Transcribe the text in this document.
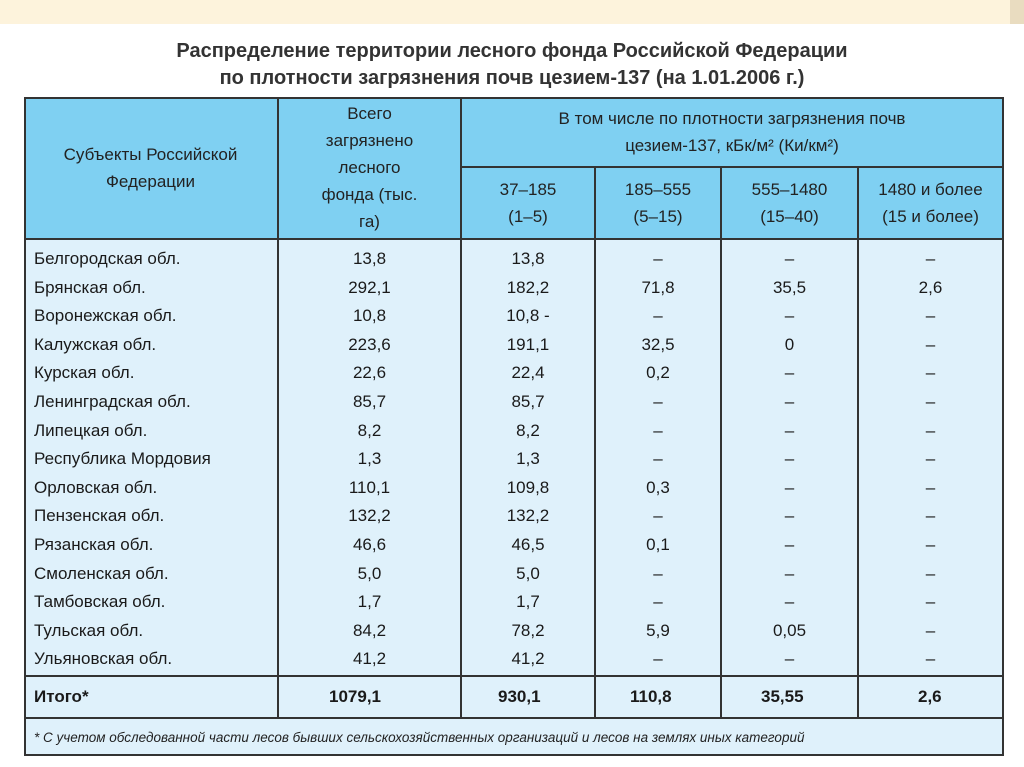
Распределение территории лесного фонда Российской Федерации
по плотности загрязнения почв цезием-137 (на 1.01.2006 г.)
Субъекты Российской Федерации
Всего загрязнено лесного фонда (тыс. га)
В том числе по плотности загрязнения почв цезием-137, кБк/м² (Ки/км²)
37–185
(1–5)
185–555
(5–15)
555–1480
(15–40)
1480 и более
(15 и более)
Белгородская обл.	13,8	13,8	–	–	–
Брянская обл.	292,1	182,2	71,8	35,5	2,6
Воронежская обл.	10,8	10,8 -	–	–	–
Калужская обл.	223,6	191,1	32,5	0	–
Курская обл.	22,6	22,4	0,2	–	–
Ленинградская обл.	85,7	85,7	–	–	–
Липецкая обл.	8,2	8,2	–	–	–
Республика Мордовия	1,3	1,3	–	–	–
Орловская обл.	110,1	109,8	0,3	–	–
Пензенская обл.	132,2	132,2	–	–	–
Рязанская обл.	46,6	46,5	0,1	–	–
Смоленская обл.	5,0	5,0	–	–	–
Тамбовская обл.	1,7	1,7	–	–	–
Тульская обл.	84,2	78,2	5,9	0,05	–
Ульяновская обл.	41,2	41,2	–	–	–
Итого*	1079,1	930,1	110,8	35,55	2,6
* С учетом обследованной части лесов бывших сельскохозяйственных организаций и лесов на землях иных категорий
